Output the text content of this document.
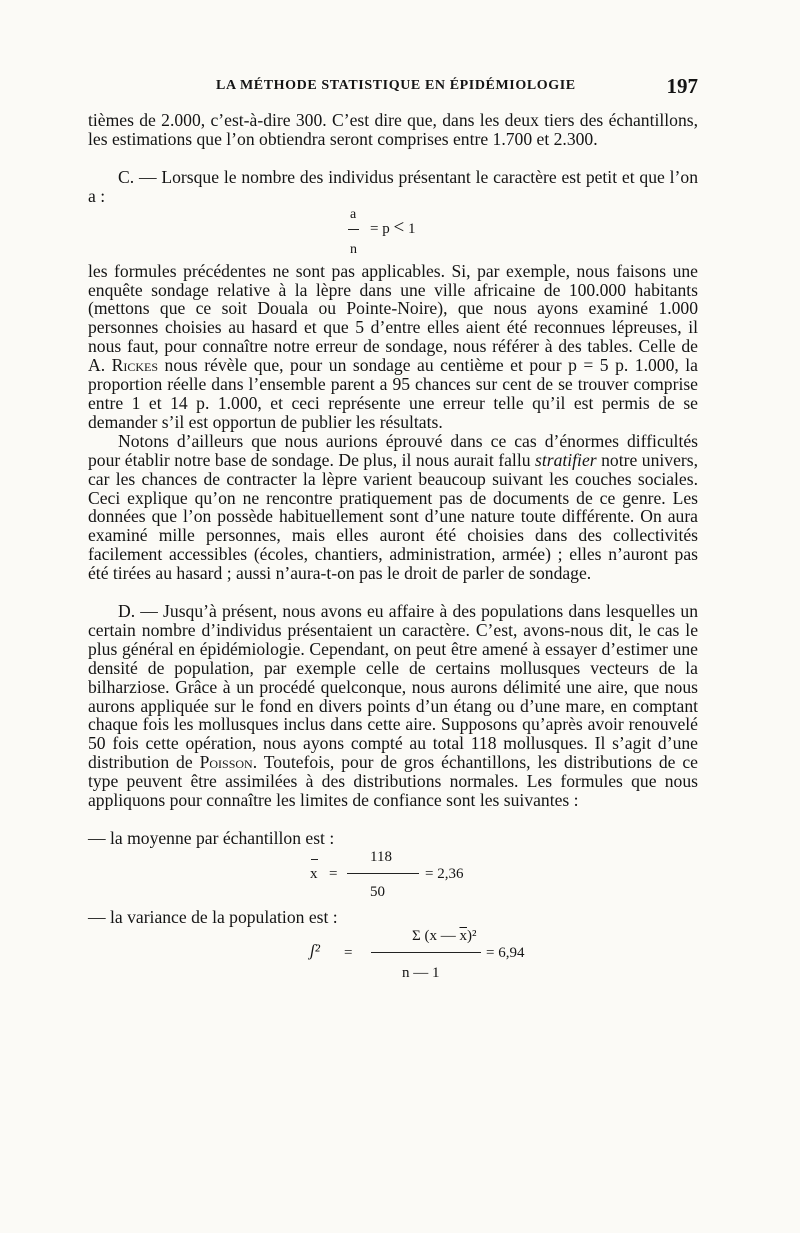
LA MÉTHODE STATISTIQUE EN ÉPIDÉMIOLOGIE	197

tièmes de 2.000, c’est-à-dire 300. C’est dire que, dans les deux tiers des échantillons, les estimations que l’on obtiendra seront comprises entre 1.700 et 2.300.

C. — Lorsque le nombre des individus présentant le caractère est petit et que l’on a :

a
n
= p < 1

les formules précédentes ne sont pas applicables. Si, par exemple, nous faisons une enquête sondage relative à la lèpre dans une ville africaine de 100.000 habitants (mettons que ce soit Douala ou Pointe-Noire), que nous ayons examiné 1.000 personnes choisies au hasard et que 5 d’entre elles aient été reconnues lépreuses, il nous faut, pour connaître notre erreur de sondage, nous référer à des tables. Celle de A. Rickes nous révèle que, pour un sondage au centième et pour p = 5 p. 1.000, la proportion réelle dans l’ensemble parent a 95 chances sur cent de se trouver comprise entre 1 et 14 p. 1.000, et ceci représente une erreur telle qu’il est permis de se demander s’il est opportun de publier les résultats.

Notons d’ailleurs que nous aurions éprouvé dans ce cas d’énormes difficultés pour établir notre base de sondage. De plus, il nous aurait fallu stratifier notre univers, car les chances de contracter la lèpre varient beaucoup suivant les couches sociales. Ceci explique qu’on ne rencontre pratiquement pas de documents de ce genre. Les données que l’on possède habituellement sont d’une nature toute différente. On aura examiné mille personnes, mais elles auront été choisies dans des collectivités facilement accessibles (écoles, chantiers, administration, armée) ; elles n’auront pas été tirées au hasard ; aussi n’aura-t-on pas le droit de parler de sondage.

D. — Jusqu’à présent, nous avons eu affaire à des populations dans lesquelles un certain nombre d’individus présentaient un caractère. C’est, avons-nous dit, le cas le plus général en épidémiologie. Cependant, on peut être amené à essayer d’estimer une densité de population, par exemple celle de certains mollusques vecteurs de la bilharziose. Grâce à un procédé quelconque, nous aurons délimité une aire, que nous aurons appliquée sur le fond en divers points d’un étang ou d’une mare, en comptant chaque fois les mollusques inclus dans cette aire. Supposons qu’après avoir renouvelé 50 fois cette opération, nous ayons compté au total 118 mollusques. Il s’agit d’une distribution de Poisson. Toutefois, pour de gros échantillons, les distributions de ce type peuvent être assimilées à des distributions normales. Les formules que nous appliquons pour connaître les limites de confiance sont les suivantes :

— la moyenne par échantillon est :

x =
118
50
= 2,36

— la variance de la population est :

ʃ² =
Σ (x — $\overline{x})^2$
n — 1
= 6,94
